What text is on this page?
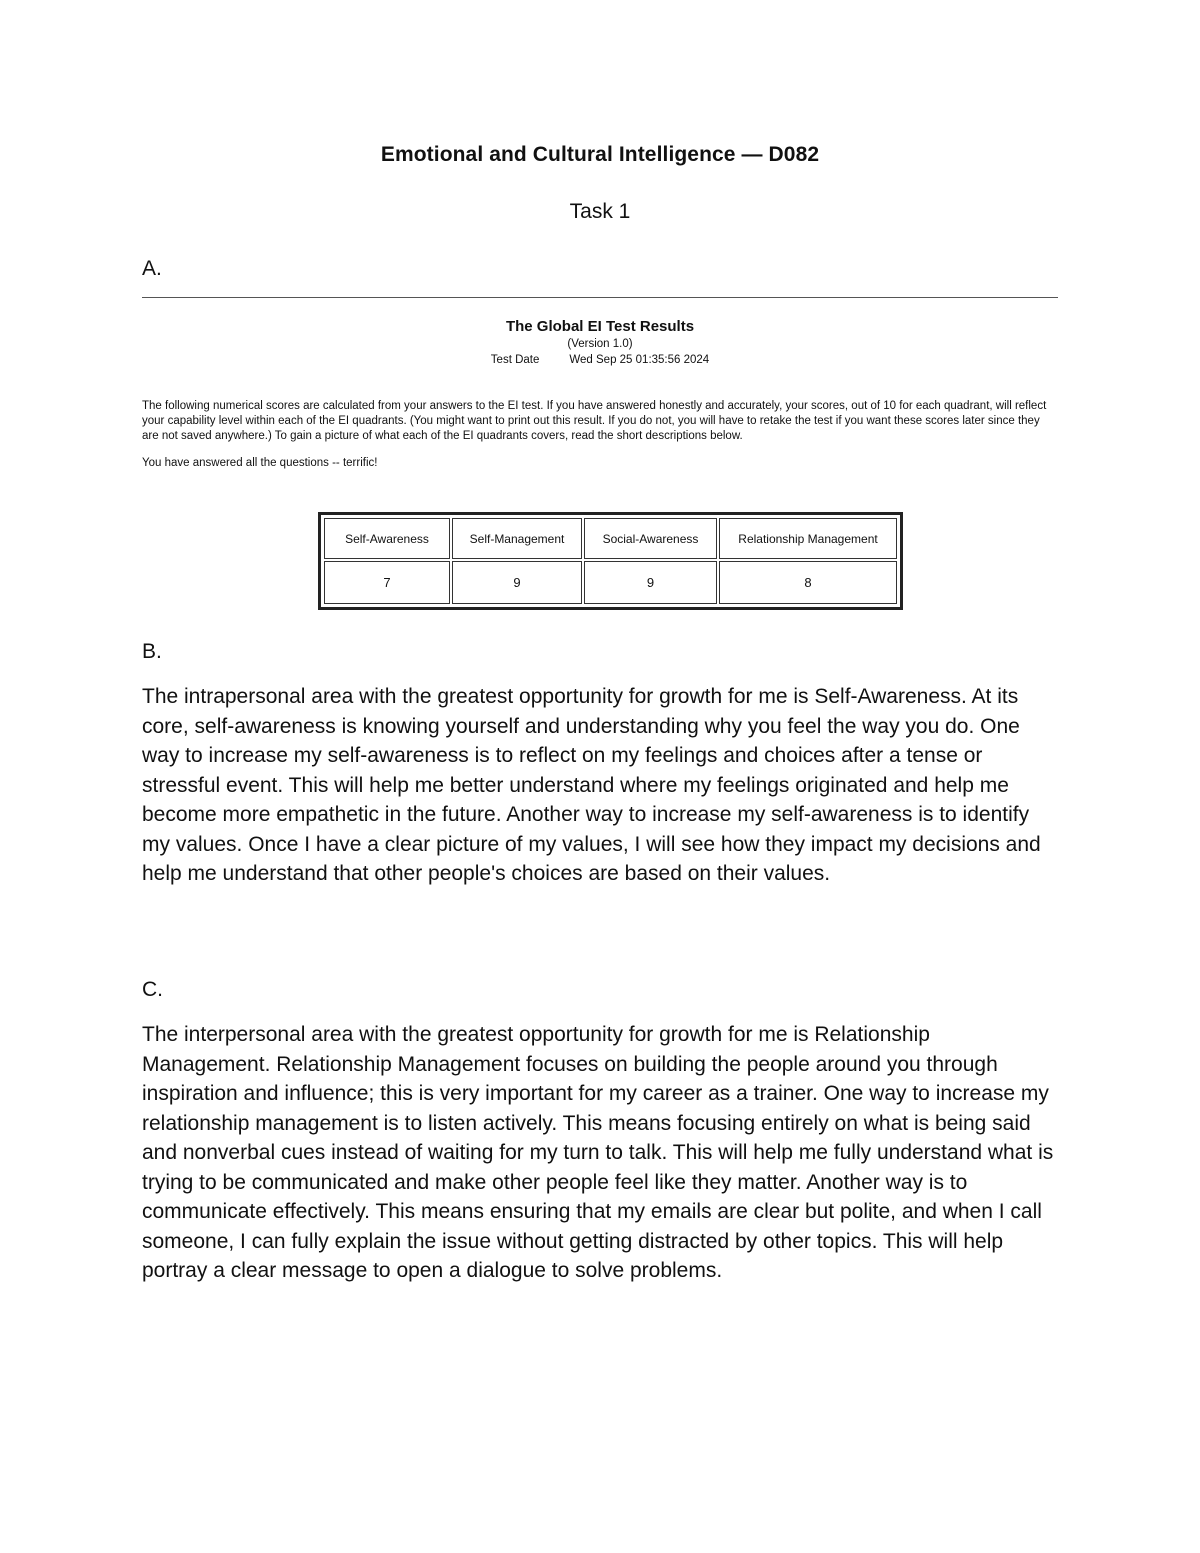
Emotional and Cultural Intelligence — D082
Task 1
A.
The Global EI Test Results
(Version 1.0)
Test Date	Wed Sep 25 01:35:56 2024
The following numerical scores are calculated from your answers to the EI test. If you have answered honestly and accurately, your scores, out of 10 for each quadrant, will reflect your capability level within each of the EI quadrants. (You might want to print out this result. If you do not, you will have to retake the test if you want these scores later since they are not saved anywhere.) To gain a picture of what each of the EI quadrants covers, read the short descriptions below.
You have answered all the questions -- terrific!
Self-Awareness	Self-Management	Social-Awareness	Relationship Management
7	9	9	8
B.
The intrapersonal area with the greatest opportunity for growth for me is Self-Awareness. At its core, self-awareness is knowing yourself and understanding why you feel the way you do. One way to increase my self-awareness is to reflect on my feelings and choices after a tense or stressful event. This will help me better understand where my feelings originated and help me become more empathetic in the future. Another way to increase my self-awareness is to identify my values. Once I have a clear picture of my values, I will see how they impact my decisions and help me understand that other people's choices are based on their values.
C.
The interpersonal area with the greatest opportunity for growth for me is Relationship Management. Relationship Management focuses on building the people around you through inspiration and influence; this is very important for my career as a trainer. One way to increase my relationship management is to listen actively. This means focusing entirely on what is being said and nonverbal cues instead of waiting for my turn to talk. This will help me fully understand what is trying to be communicated and make other people feel like they matter. Another way is to communicate effectively. This means ensuring that my emails are clear but polite, and when I call someone, I can fully explain the issue without getting distracted by other topics. This will help portray a clear message to open a dialogue to solve problems.
